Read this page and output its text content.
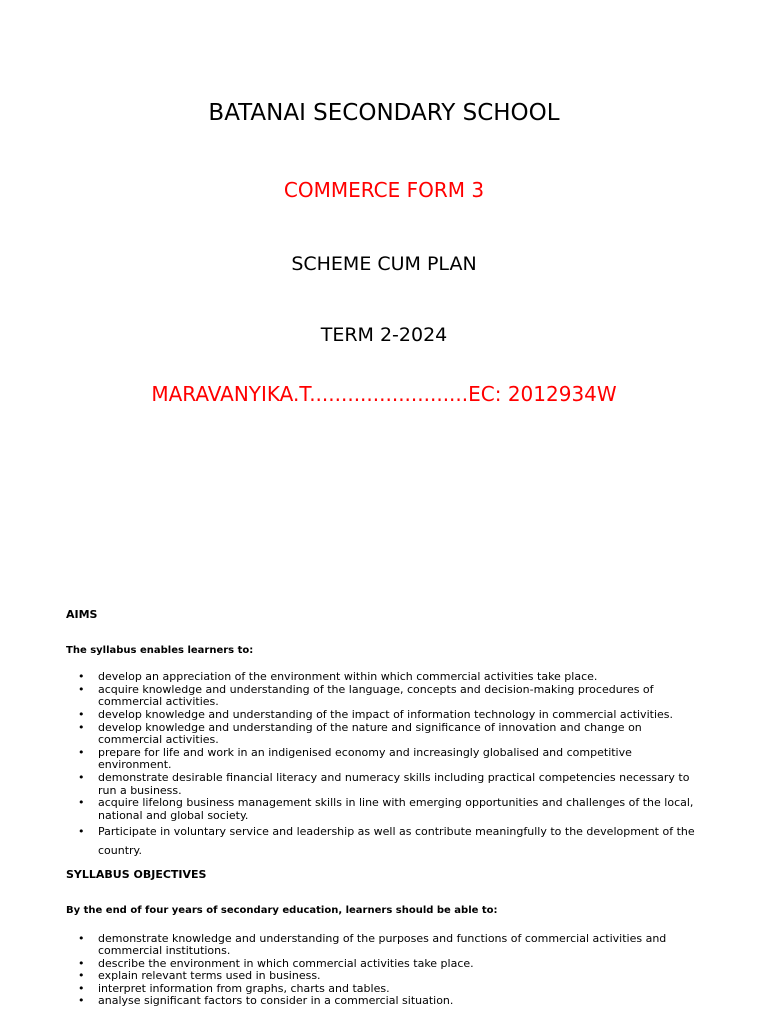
BATANAI SECONDARY SCHOOL
COMMERCE FORM 3
SCHEME CUM PLAN
TERM 2-2024
MARAVANYIKA.T.........................EC: 2012934W
AIMS
The syllabus enables learners to:
• develop an appreciation of the environment within which commercial activities take place.
• acquire knowledge and understanding of the language, concepts and decision-making procedures of commercial activities.
• develop knowledge and understanding of the impact of information technology in commercial activities.
• develop knowledge and understanding of the nature and significance of innovation and change on commercial activities.
• prepare for life and work in an indigenised economy and increasingly globalised and competitive environment.
• demonstrate desirable financial literacy and numeracy skills including practical competencies necessary to run a business.
• acquire lifelong business management skills in line with emerging opportunities and challenges of the local, national and global society.
• Participate in voluntary service and leadership as well as contribute meaningfully to the development of the country.
SYLLABUS OBJECTIVES
By the end of four years of secondary education, learners should be able to:
• demonstrate knowledge and understanding of the purposes and functions of commercial activities and commercial institutions.
• describe the environment in which commercial activities take place.
• explain relevant terms used in business.
• interpret information from graphs, charts and tables.
• analyse significant factors to consider in a commercial situation.
